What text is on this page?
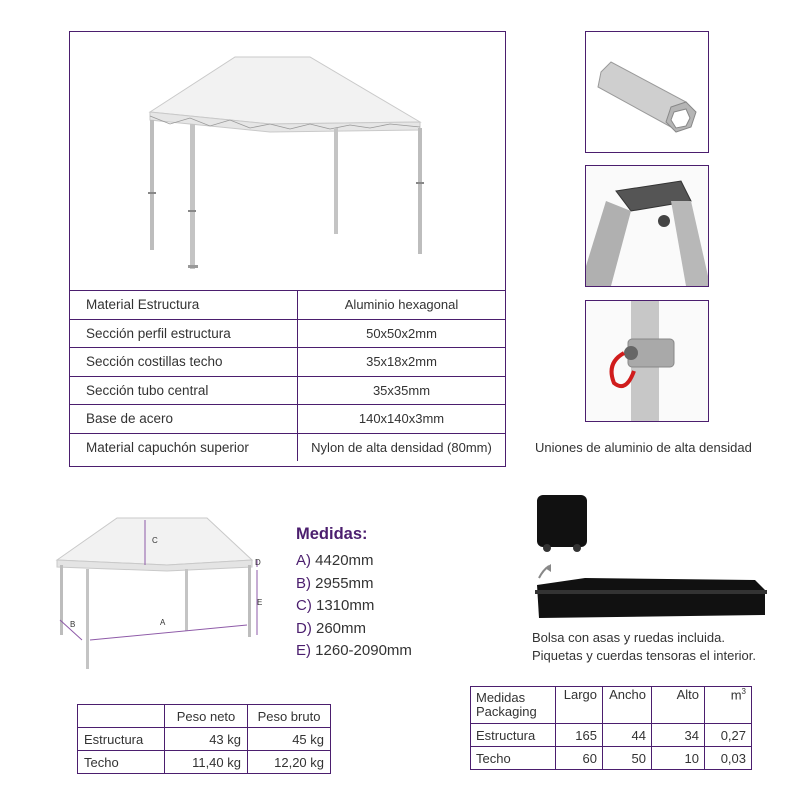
Material Estructura	Aluminio hexagonal
Sección perfil estructura	50x50x2mm
Sección costillas techo	35x18x2mm
Sección tubo central	35x35mm
Base de acero	140x140x3mm
Material capuchón superior	Nylon de alta densidad (80mm)	Uniones de aluminio de alta densidad
C
A
B
D
E
Medidas:
A) 4420mm
B) 2955mm
C) 1310mm
D) 260mm
E) 1260-2090mm
Bolsa con asas y ruedas incluida.
Piquetas y cuerdas tensoras el interior.
	Peso neto	Peso bruto
Estructura	43 kg	45 kg
Techo	11,40 kg	12,20 kg
Medidas
Packaging	Largo	Ancho	Alto	$m^3$
Estructura	165	44	34	0,27
Techo	60	50	10	0,03
